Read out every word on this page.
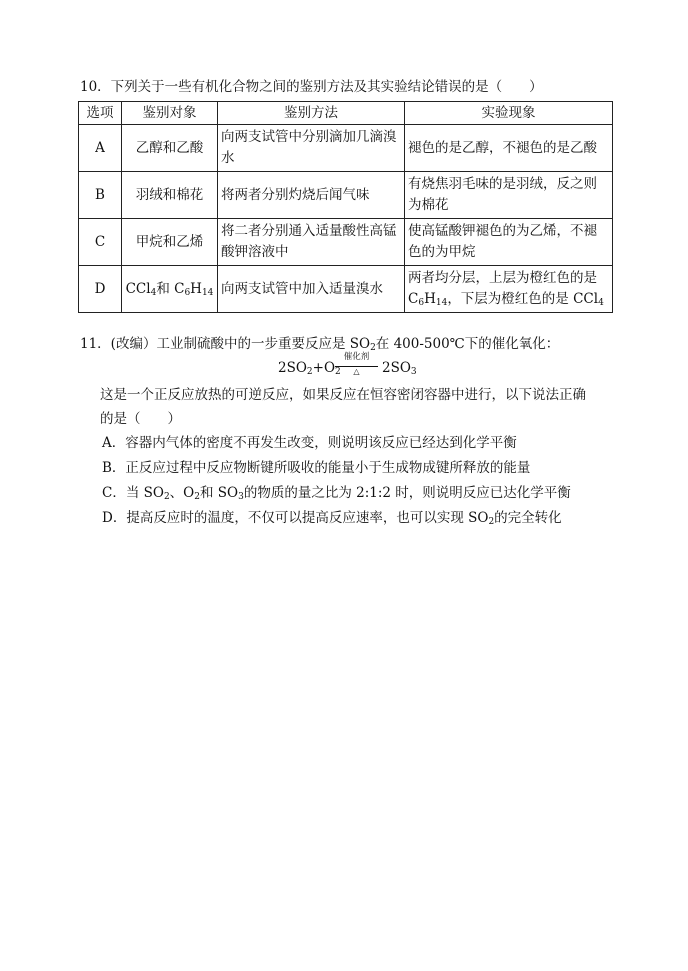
10．下列关于一些有机化合物之间的鉴别方法及其实验结论错误的是（　　）
选项	鉴别对象	鉴别方法	实验现象
A	乙醇和乙酸	向两支试管中分别滴加几滴溴水	褪色的是乙醇，不褪色的是乙酸
B	羽绒和棉花	将两者分别灼烧后闻气味	有烧焦羽毛味的是羽绒，反之则为棉花
C	甲烷和乙烯	将二者分别通入适量酸性高锰酸钾溶液中	使高锰酸钾褪色的为乙烯，不褪色的为甲烷
D	CCl$_4$和 $C_6H_{14}$	向两支试管中加入适量溴水	两者均分层，上层为橙红色的是 $C_6H_{14}$，下层为橙红色的是 CCl$_4$
11．(改编）工业制硫酸中的一步重要反应是 $SO_2$在 400-500℃下的催化氧化：
$2SO_2+O_2$
催化剂
△	$2SO_3$

这是一个正反应放热的可逆反应，如果反应在恒容密闭容器中进行，以下说法正确

的是（　　）

A．容器内气体的密度不再发生改变，则说明该反应已经达到化学平衡
B．正反应过程中反应物断键所吸收的能量小于生成物成键所释放的能量
C．当 $SO_2$、$O_2$和 $SO_3$的物质的量之比为 2:1:2 时，则说明反应已达化学平衡
D．提高反应时的温度，不仅可以提高反应速率，也可以实现 $SO_2$的完全转化
